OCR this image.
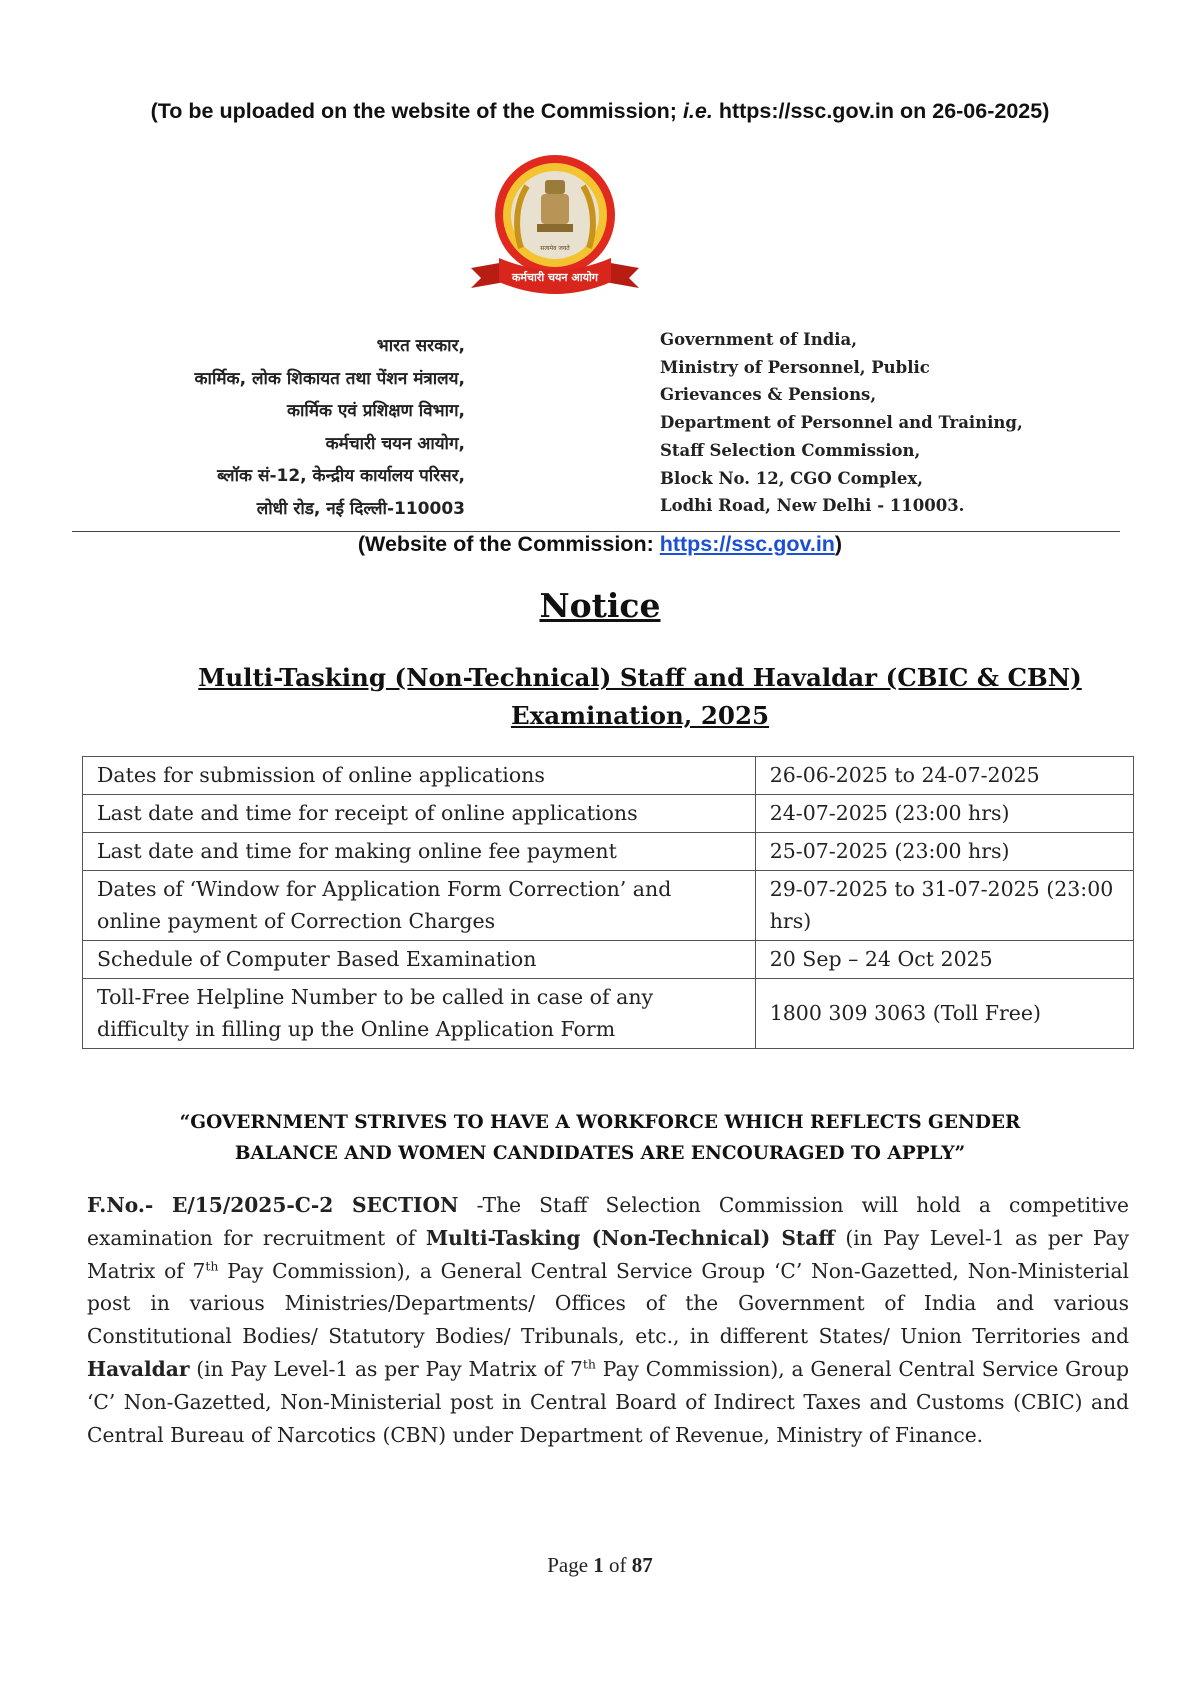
(To be uploaded on the website of the Commission; i.e. https://ssc.gov.in on 26-06-2025)
सत्यमेव जयते
कर्मचारी चयन आयोग
भारत सरकार,
कार्मिक, लोक शिकायत तथा पेंशन मंत्रालय,
कार्मिक एवं प्रशिक्षण विभाग,
कर्मचारी चयन आयोग,
ब्लॉक सं-12, केन्द्रीय कार्यालय परिसर,
लोधी रोड, नई दिल्ली-110003
Government of India,
Ministry of Personnel, Public
Grievances & Pensions,
Department of Personnel and Training,
Staff Selection Commission,
Block No. 12, CGO Complex,
Lodhi Road, New Delhi - 110003.
(Website of the Commission: https://ssc.gov.in)
Notice
Multi-Tasking (Non-Technical) Staff and Havaldar (CBIC & CBN)
Examination, 2025
Dates for submission of online applications	26-06-2025 to 24-07-2025
Last date and time for receipt of online applications	24-07-2025 (23:00 hrs)
Last date and time for making online fee payment	25-07-2025 (23:00 hrs)
Dates of ‘Window for Application Form Correction’ and online payment of Correction Charges	29-07-2025 to 31-07-2025 (23:00 hrs)
Schedule of Computer Based Examination	20 Sep – 24 Oct 2025
Toll-Free Helpline Number to be called in case of any difficulty in filling up the Online Application Form	1800 309 3063 (Toll Free)
“GOVERNMENT STRIVES TO HAVE A WORKFORCE WHICH REFLECTS GENDER
BALANCE AND WOMEN CANDIDATES ARE ENCOURAGED TO APPLY”
F.No.- E/15/2025-C-2 SECTION -The Staff Selection Commission will hold a competitive examination for recruitment of Multi-Tasking (Non-Technical) Staff (in Pay Level-1 as per Pay Matrix of 7th Pay Commission), a General Central Service Group ‘C’ Non-Gazetted, Non-Ministerial post in various Ministries/Departments/ Offices of the Government of India and various Constitutional Bodies/ Statutory Bodies/ Tribunals, etc., in different States/ Union Territories and Havaldar (in Pay Level-1 as per Pay Matrix of 7th Pay Commission), a General Central Service Group ‘C’ Non-Gazetted, Non-Ministerial post in Central Board of Indirect Taxes and Customs (CBIC) and Central Bureau of Narcotics (CBN) under Department of Revenue, Ministry of Finance.
Page 1 of 87
